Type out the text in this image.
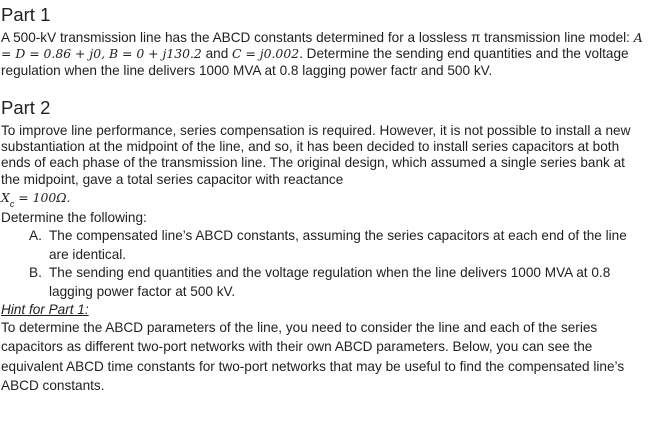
Part 1

A 500-kV transmission line has the ABCD constants determined for a lossless π transmission line model: A = D = 0.86 + j0, B = 0 + j130.2 and C = j0.002. Determine the sending end quantities and the voltage regulation when the line delivers 1000 MVA at 0.8 lagging power factr and 500 kV.

Part 2

To improve line performance, series compensation is required. However, it is not possible to install a new substantiation at the midpoint of the line, and so, it has been decided to install series capacitors at both ends of each phase of the transmission line. The original design, which assumed a single series bank at the midpoint, gave a total series capacitor with reactance

$X_c = 100\Omega$.

Determine the following:

A. The compensated line’s ABCD constants, assuming the series capacitors at each end of the line are identical.
B. The sending end quantities and the voltage regulation when the line delivers 1000 MVA at 0.8 lagging power factor at 500 kV.

Hint for Part 1:

To determine the ABCD parameters of the line, you need to consider the line and each of the series capacitors as different two-port networks with their own ABCD parameters. Below, you can see the equivalent ABCD time constants for two-port networks that may be useful to find the compensated line’s ABCD constants.
